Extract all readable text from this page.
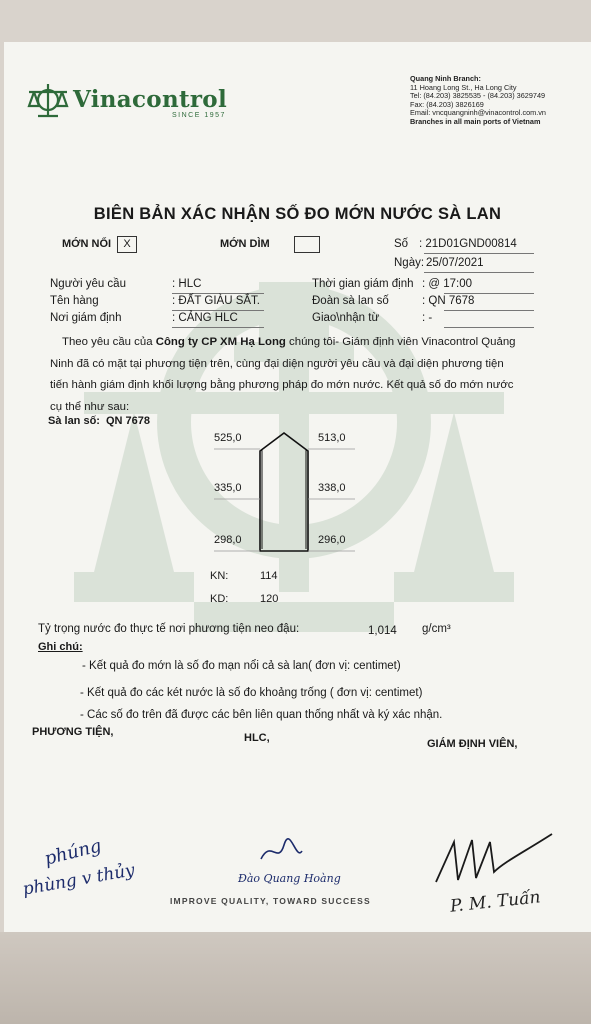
Vinacontrol
SINCE 1957
Quang Ninh Branch:
11 Hoang Long St., Ha Long City
Tel: (84.203) 3825535 - (84.203) 3629749
Fax: (84.203) 3826169
Email: vncquangninh@vinacontrol.com.vn
Branches in all main ports of Vietnam
BIÊN BẢN XÁC NHẬN SỐ ĐO MỚN NƯỚC SÀ LAN
MỚN NỔI	X	MỚN DÌM	Số : 21D01GND00814
Ngày: 25/07/2021
Người yêu cầu	: HLC
Tên hàng	: ĐẤT GIÀU SẮT.
Nơi giám định	: CẢNG HLC
Thời gian giám định : @ 17:00
Đoàn sà lan số	: QN 7678
Giao\nhận từ	: -
Theo yêu cầu của Công ty CP XM Hạ Long chúng tôi- Giám định viên Vinacontrol Quảng
Ninh đã có mặt tại phương tiện trên, cùng đại diện người yêu cầu và đại diện phương tiện
tiến hành giám định khối lượng bằng phương pháp đo mớn nước. Kết quả số đo mớn nước
cụ thể như sau:
Sà lan số: QN 7678
525,0	513,0
335,0	338,0
298,0	296,0
KN:	114
KD:	120
Tỷ trọng nước đo thực tế nơi phương tiện neo đậu:	1,014 g/cm³
Ghi chú:
- Kết quả đo mớn là số đo mạn nổi cả sà lan( đơn vị: centimet)
- Kết quả đo các két nước là số đo khoảng trống ( đơn vị: centimet)
- Các số đo trên đã được các bên liên quan thống nhất và ký xác nhận.
PHƯƠNG TIỆN,	HLC,	GIÁM ĐỊNH VIÊN,
phúng
phùng v thủy	Đào Quang Hoàng
P. M. Tuấn
IMPROVE QUALITY, TOWARD SUCCESS
